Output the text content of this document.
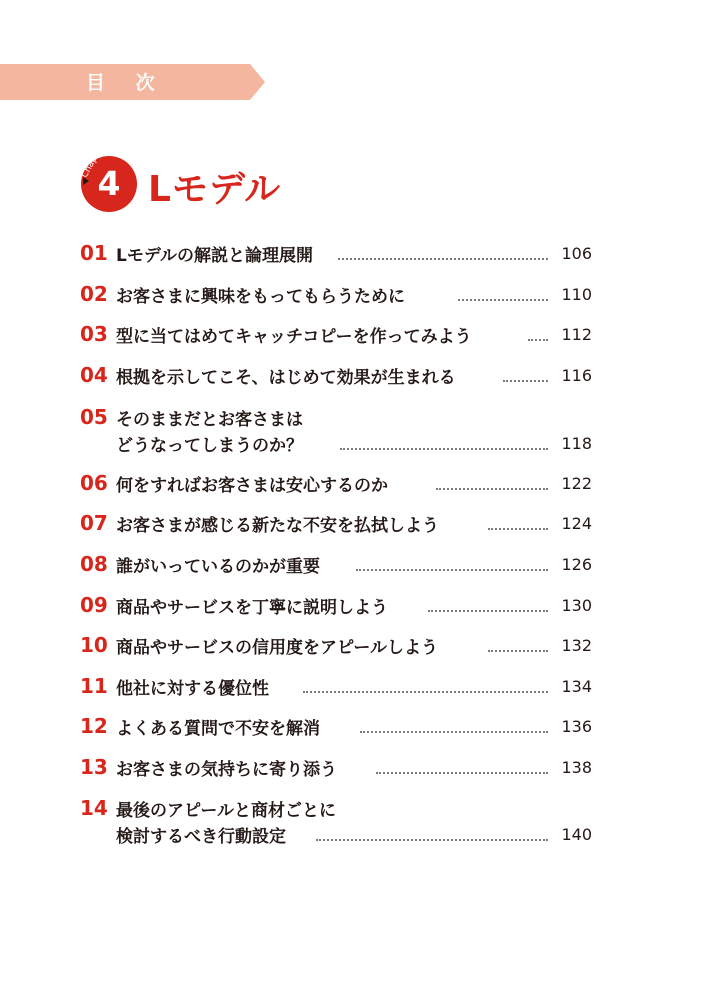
目 次
Chapter
4 Lモデル
01 Lモデルの解説と論理展開	106
02 お客さまに興味をもってもらうために	110
03 型に当てはめてキャッチコピーを作ってみよう	112
04 根拠を示してこそ、はじめて効果が生まれる	116
05 そのままだとお客さまは
どうなってしまうのか？	118
06 何をすればお客さまは安心するのか	122
07 お客さまが感じる新たな不安を払拭しよう	124
08 誰がいっているのかが重要	126
09 商品やサービスを丁寧に説明しよう	130
10 商品やサービスの信用度をアピールしよう	132
11 他社に対する優位性	134
12 よくある質問で不安を解消	136
13 お客さまの気持ちに寄り添う	138
14 最後のアピールと商材ごとに
検討するべき行動設定	140
